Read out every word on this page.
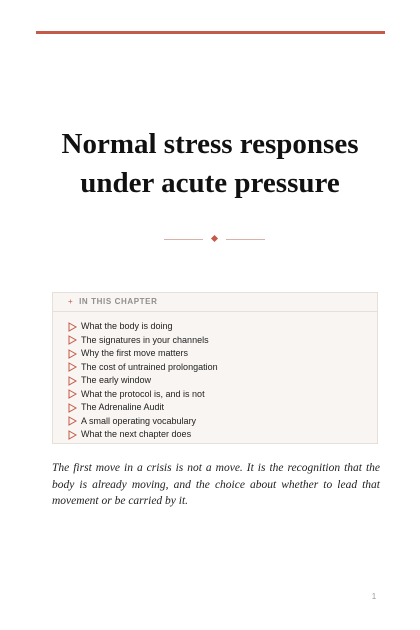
Normal stress responses
under acute pressure
+ IN THIS CHAPTER
What the body is doing
The signatures in your channels
Why the first move matters
The cost of untrained prolongation
The early window
What the protocol is, and is not
The Adrenaline Audit
A small operating vocabulary
What the next chapter does

The first move in a crisis is not a move. It is the recognition that the body is already moving, and the choice about whether to lead that movement or be carried by it.

1
